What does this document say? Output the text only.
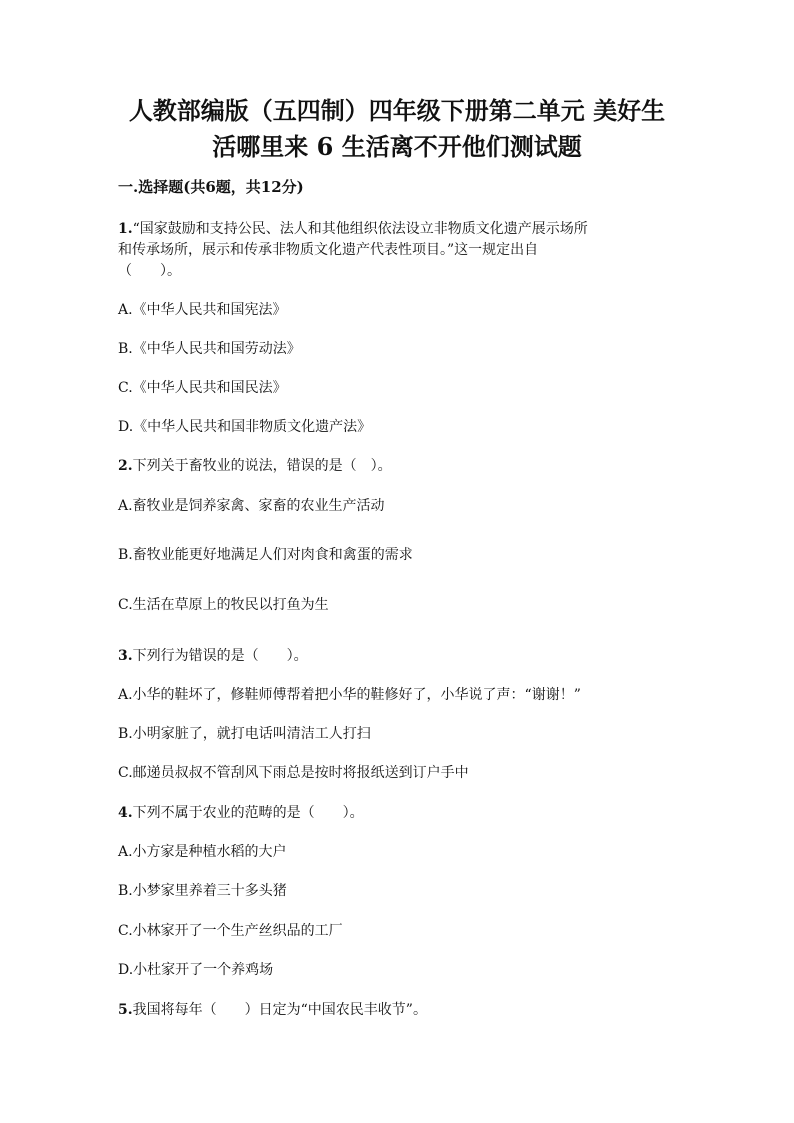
人教部编版（五四制）四年级下册第二单元 美好生
活哪里来 6 生活离不开他们测试题
一.选择题(共6题，共12分)
1.“国家鼓励和支持公民、法人和其他组织依法设立非物质文化遗产展示场所
和传承场所，展示和传承非物质文化遗产代表性项目。”这一规定出自
（　　）。
A.《中华人民共和国宪法》
B.《中华人民共和国劳动法》
C.《中华人民共和国民法》
D.《中华人民共和国非物质文化遗产法》
2.下列关于畜牧业的说法，错误的是（　）。
A.畜牧业是饲养家禽、家畜的农业生产活动
B.畜牧业能更好地满足人们对肉食和禽蛋的需求
C.生活在草原上的牧民以打鱼为生
3.下列行为错误的是（　　）。
A.小华的鞋坏了，修鞋师傅帮着把小华的鞋修好了，小华说了声：“谢谢！”
B.小明家脏了，就打电话叫清洁工人打扫
C.邮递员叔叔不管刮风下雨总是按时将报纸送到订户手中
4.下列不属于农业的范畴的是（　　）。
A.小方家是种植水稻的大户
B.小梦家里养着三十多头猪
C.小林家开了一个生产丝织品的工厂
D.小杜家开了一个养鸡场
5.我国将每年（　　）日定为“中国农民丰收节”。
